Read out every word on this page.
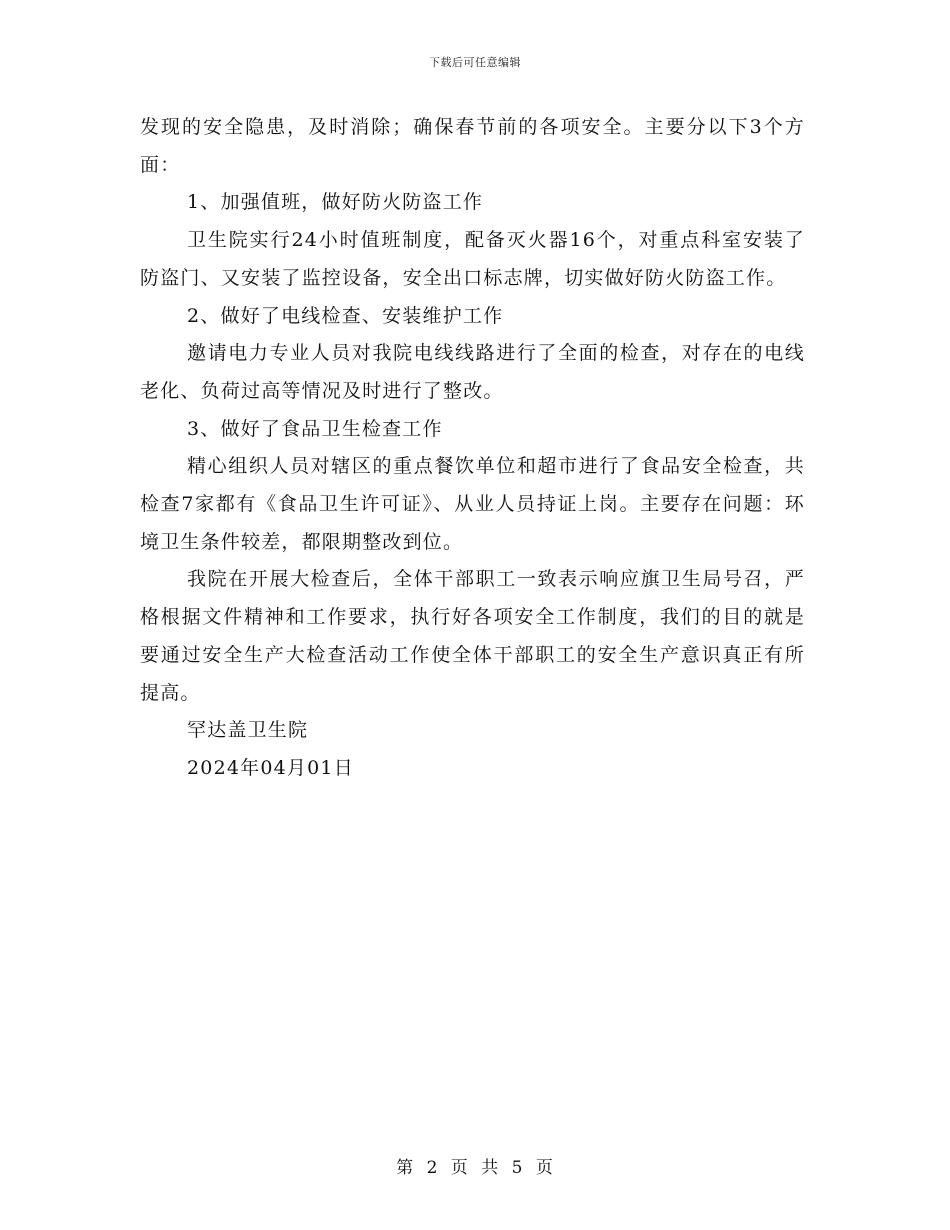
下载后可任意编辑

发现的安全隐患，及时消除；确保春节前的各项安全。主要分以下3个方面：

1、加强值班，做好防火防盗工作

卫生院实行24小时值班制度，配备灭火器16个，对重点科室安装了防盗门、又安装了监控设备，安全出口标志牌，切实做好防火防盗工作。

2、做好了电线检查、安装维护工作

邀请电力专业人员对我院电线线路进行了全面的检查，对存在的电线老化、负荷过高等情况及时进行了整改。

3、做好了食品卫生检查工作

精心组织人员对辖区的重点餐饮单位和超市进行了食品安全检查，共检查7家都有《食品卫生许可证》、从业人员持证上岗。主要存在问题：环境卫生条件较差，都限期整改到位。

我院在开展大检查后，全体干部职工一致表示响应旗卫生局号召，严格根据文件精神和工作要求，执行好各项安全工作制度，我们的目的就是要通过安全生产大检查活动工作使全体干部职工的安全生产意识真正有所提高。

罕达盖卫生院

2024年04月01日

第 2 页 共 5 页
